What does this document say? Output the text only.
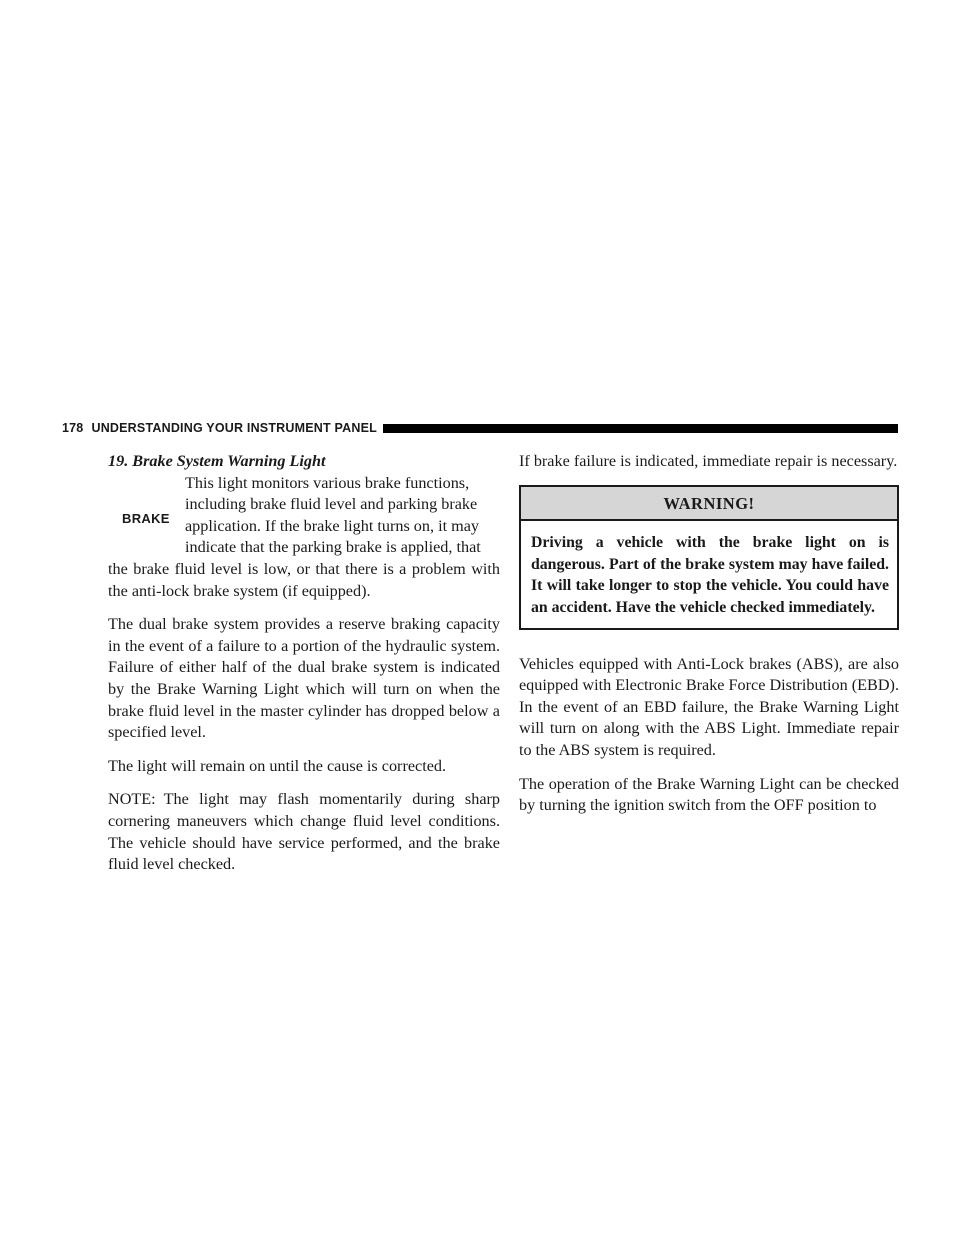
178 UNDERSTANDING YOUR INSTRUMENT PANEL

19. Brake System Warning Light

BRAKE
This light monitors various brake functions,
including brake fluid level and parking brake
application. If the brake light turns on, it may
indicate that the parking brake is applied, that

the brake fluid level is low, or that there is a problem with the anti-lock brake system (if equipped).

The dual brake system provides a reserve braking capacity in the event of a failure to a portion of the hydraulic system. Failure of either half of the dual brake system is indicated by the Brake Warning Light which will turn on when the brake fluid level in the master cylinder has dropped below a specified level.

The light will remain on until the cause is corrected.

NOTE: The light may flash momentarily during sharp cornering maneuvers which change fluid level conditions. The vehicle should have service performed, and the brake fluid level checked.

If brake failure is indicated, immediate repair is necessary.

WARNING!
Driving a vehicle with the brake light on is dangerous. Part of the brake system may have failed. It will take longer to stop the vehicle. You could have an accident. Have the vehicle checked immediately.

Vehicles equipped with Anti-Lock brakes (ABS), are also equipped with Electronic Brake Force Distribution (EBD). In the event of an EBD failure, the Brake Warning Light will turn on along with the ABS Light. Immediate repair to the ABS system is required.

The operation of the Brake Warning Light can be checked by turning the ignition switch from the OFF position to
